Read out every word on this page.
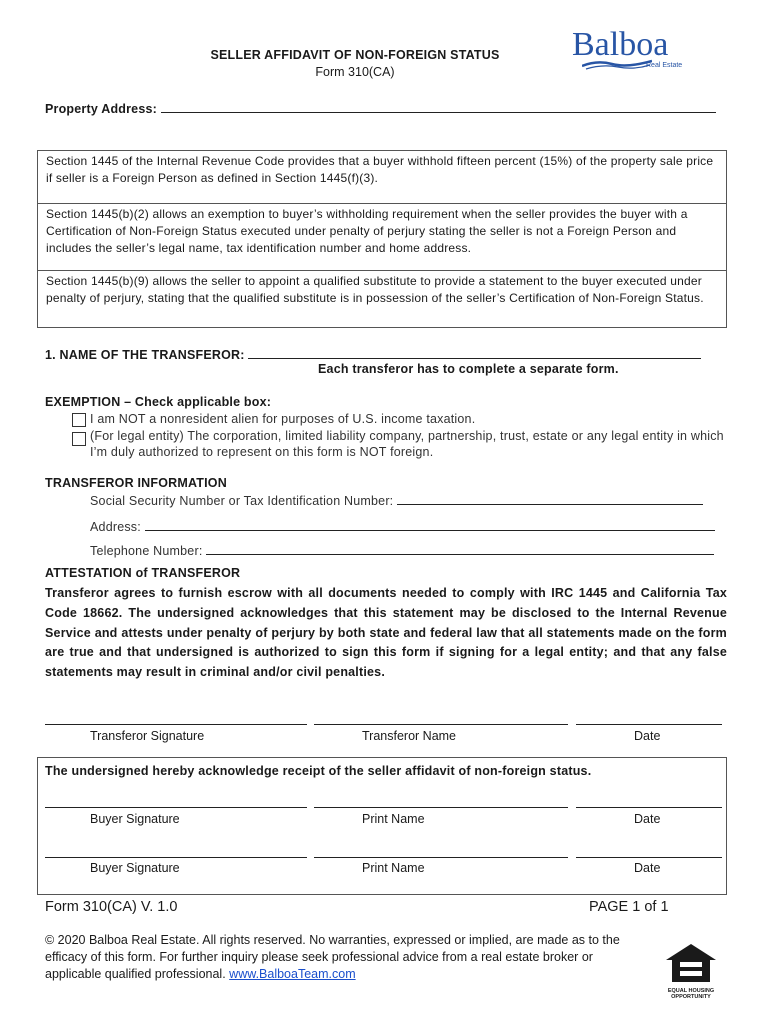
SELLER AFFIDAVIT OF NON-FOREIGN STATUS
Form 310(CA)
Balboa
Real Estate
Property Address:
Section 1445 of the Internal Revenue Code provides that a buyer withhold fifteen percent (15%) of the property sale price if seller is a Foreign Person as defined in Section 1445(f)(3).
Section 1445(b)(2) allows an exemption to buyer’s withholding requirement when the seller provides the buyer with a Certification of Non-Foreign Status executed under penalty of perjury stating the seller is not a Foreign Person and includes the seller’s legal name, tax identification number and home address.
Section 1445(b)(9) allows the seller to appoint a qualified substitute to provide a statement to the buyer executed under penalty of perjury, stating that the qualified substitute is in possession of the seller’s Certification of Non-Foreign Status.
1. NAME OF THE TRANSFEROR:
Each transferor has to complete a separate form.
EXEMPTION – Check applicable box:
I am NOT a nonresident alien for purposes of U.S. income taxation.
(For legal entity) The corporation, limited liability company, partnership, trust, estate or any legal entity in which I’m duly authorized to represent on this form is NOT foreign.
TRANSFEROR INFORMATION
Social Security Number or Tax Identification Number:
Address:
Telephone Number:
ATTESTATION of TRANSFEROR
Transferor agrees to furnish escrow with all documents needed to comply with IRC 1445 and California Tax Code 18662. The undersigned acknowledges that this statement may be disclosed to the Internal Revenue Service and attests under penalty of perjury by both state and federal law that all statements made on the form are true and that undersigned is authorized to sign this form if signing for a legal entity; and that any false statements may result in criminal and/or civil penalties.
Transferor Signature	Transferor Name	Date
The undersigned hereby acknowledge receipt of the seller affidavit of non-foreign status.
Buyer Signature	Print Name	Date
Buyer Signature	Print Name	Date
Form 310(CA) V. 1.0	PAGE 1 of 1
© 2020 Balboa Real Estate. All rights reserved. No warranties, expressed or implied, are made as to the efficacy of this form. For further inquiry please seek professional advice from a real estate broker or applicable qualified professional. www.BalboaTeam.com
EQUAL HOUSING
OPPORTUNITY
